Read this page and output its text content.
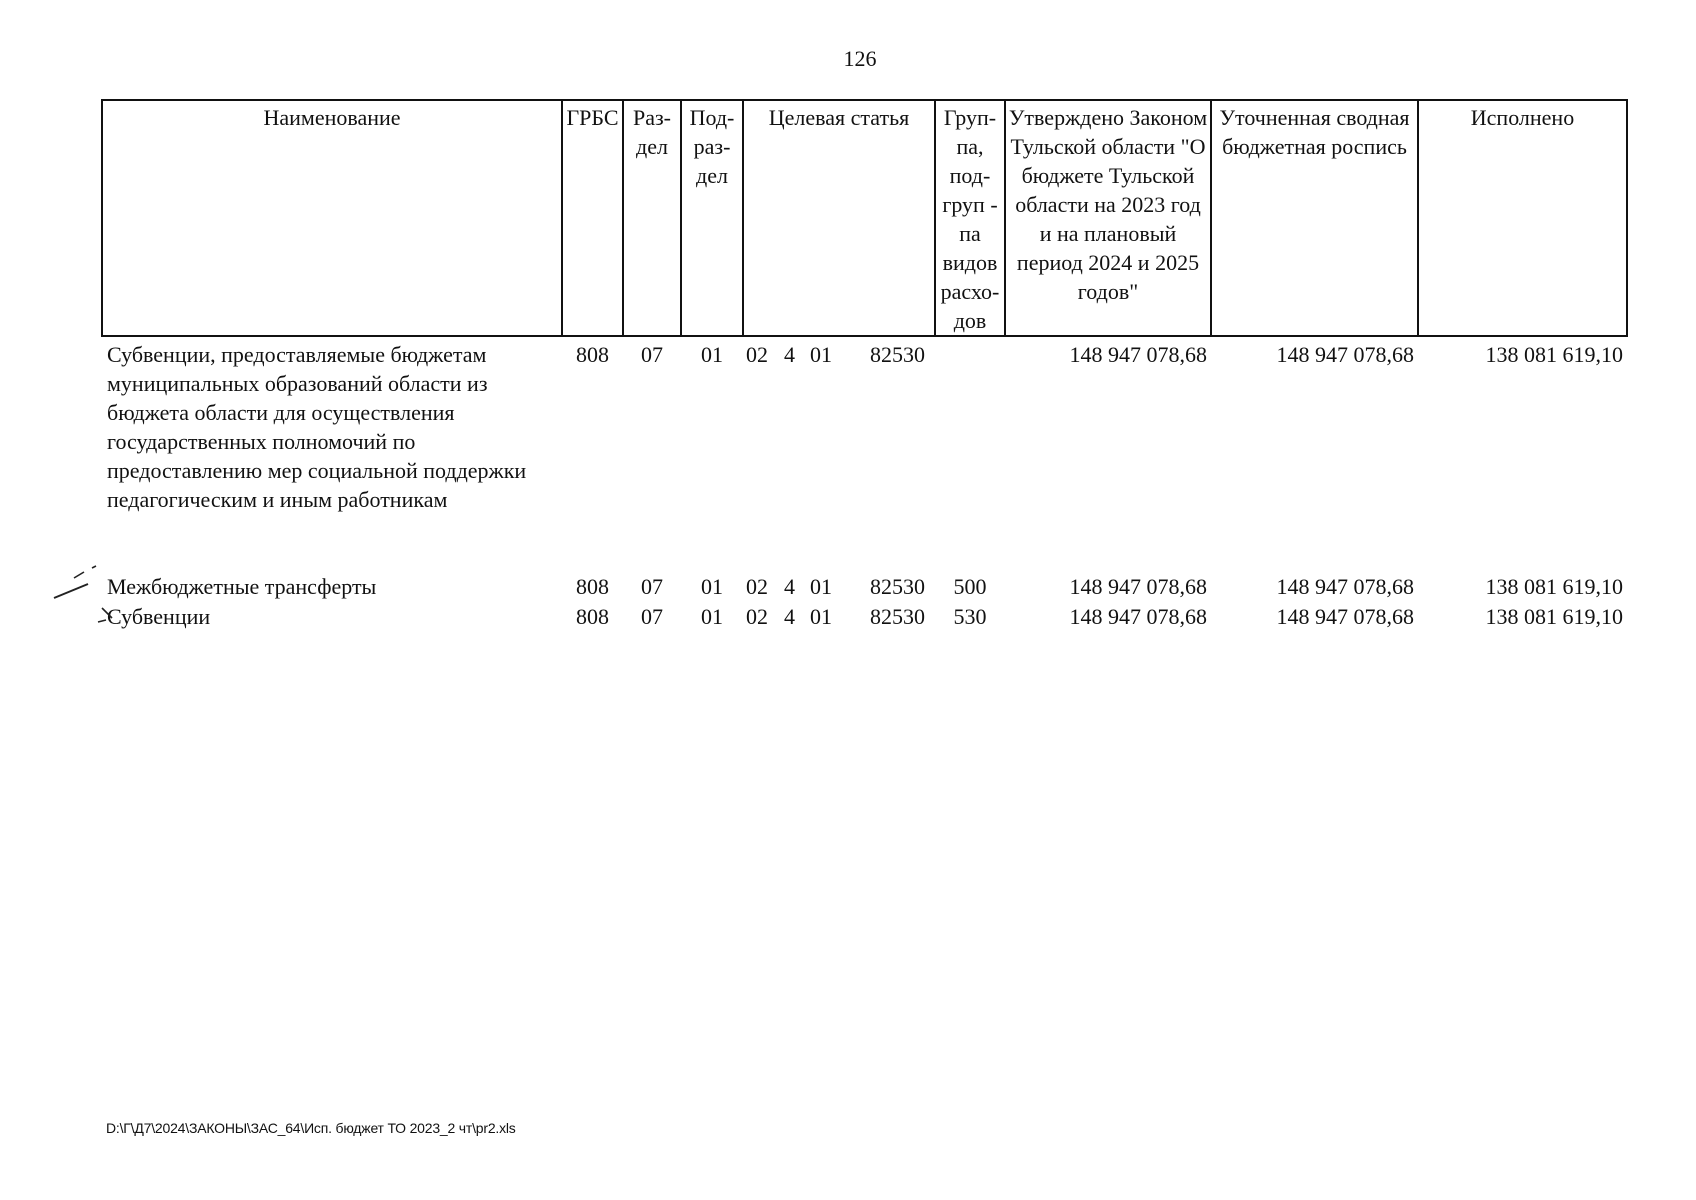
126
Наименование	ГРБС	Раз- дел	Под- раз- дел	Целевая статья	Груп- па, под- груп - па видов расхо- дов	Утверждено Законом Тульской области "О бюджете Тульской области на 2023 год и на плановый период 2024 и 2025 годов"	Уточненная сводная бюджетная роспись	Исполнено
Субвенции, предоставляемые бюджетам муниципальных образований области из бюджета области для осуществления государственных полномочий по предоставлению мер социальной поддержки педагогическим и иным работникам	808	07	01	02 4 01 82530		148 947 078,68	148 947 078,68	138 081 619,10
Межбюджетные трансферты	808	07	01	02 4 01 82530	500	148 947 078,68	148 947 078,68	138 081 619,10
Субвенции	808	07	01	02 4 01 82530	530	148 947 078,68	148 947 078,68	138 081 619,10
D:\Г\Д7\2024\ЗАКОНЫ\ЗАС_64\Исп. бюджет ТО 2023_2 чт\pr2.xls
